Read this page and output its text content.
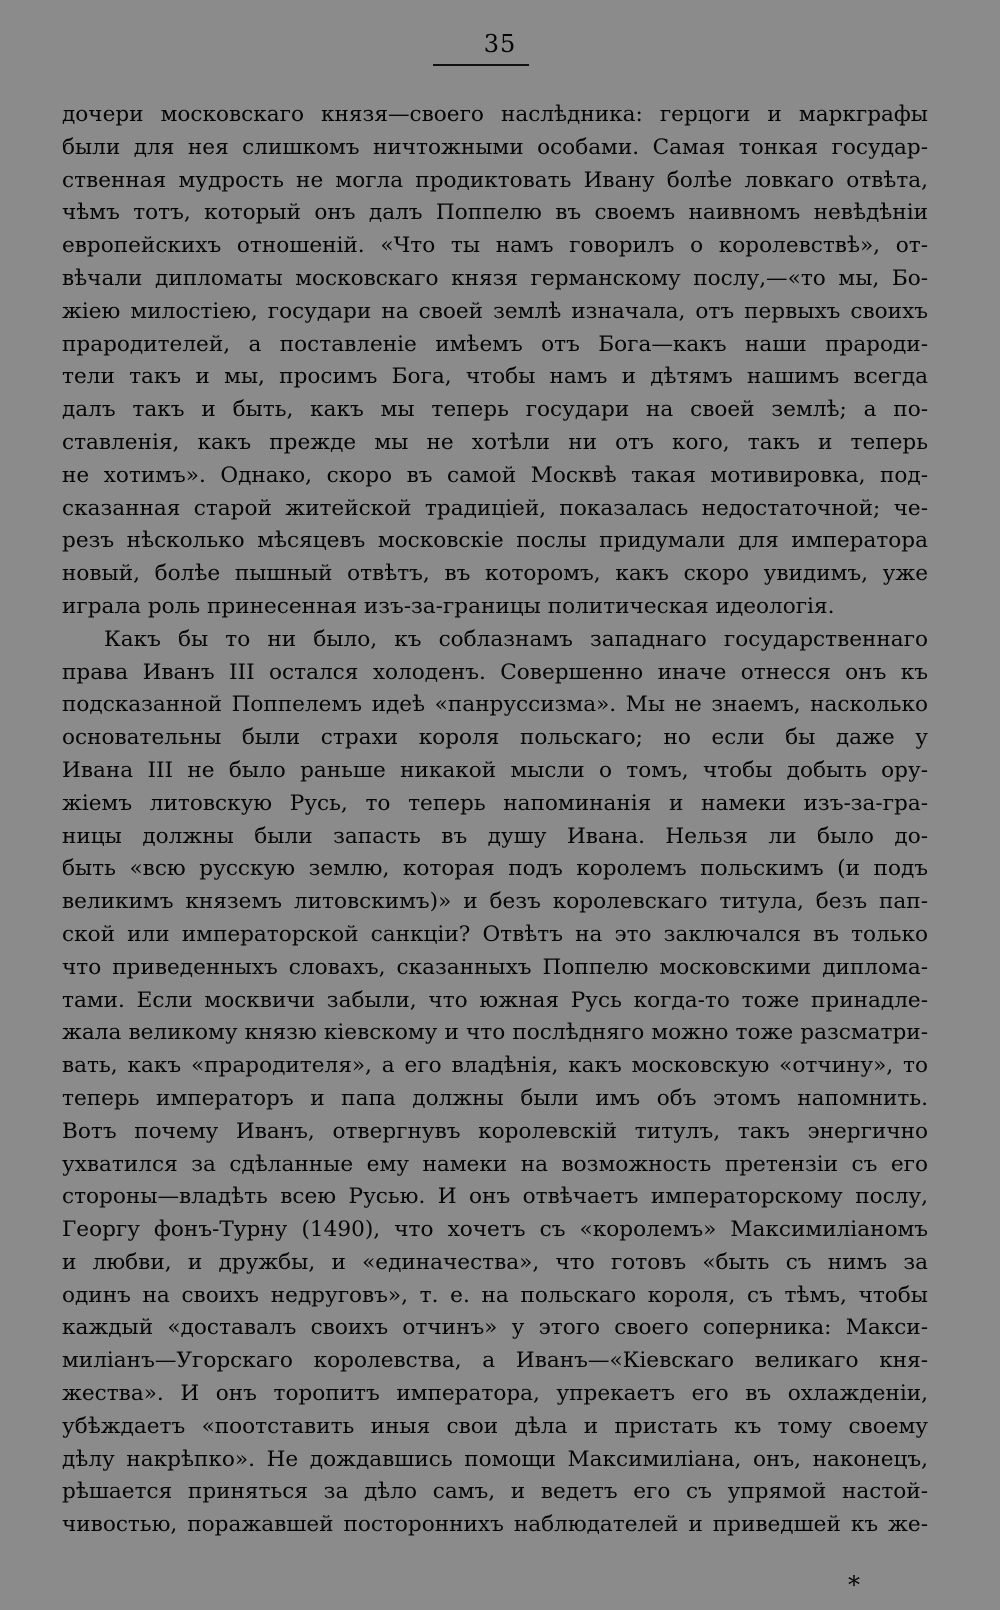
35
дочери московскаго князя—своего наслѣдника: герцоги и маркграфы
были для нея слишкомъ ничтожными особами. Самая тонкая государ-
ственная мудрость не могла продиктовать Ивану болѣе ловкаго отвѣта,
чѣмъ тотъ, который онъ далъ Поппелю въ своемъ наивномъ невѣдѣніи
европейскихъ отношеній. «Что ты намъ говорилъ о королевствѣ», от-
вѣчали дипломаты московскаго князя германскому послу,—«то мы, Бо-
жіею милостіею, государи на своей землѣ изначала, отъ первыхъ своихъ
прародителей, а поставленіе имѣемъ отъ Бога—какъ наши прароди-
тели такъ и мы, просимъ Бога, чтобы намъ и дѣтямъ нашимъ всегда
далъ такъ и быть, какъ мы теперь государи на своей землѣ; а по-
ставленія, какъ прежде мы не хотѣли ни отъ кого, такъ и теперь
не хотимъ». Однако, скоро въ самой Москвѣ такая мотивировка, под-
сказанная старой житейской традиціей, показалась недостаточной; че-
резъ нѣсколько мѣсяцевъ московскіе послы придумали для императора
новый, болѣе пышный отвѣтъ, въ которомъ, какъ скоро увидимъ, уже
играла роль принесенная изъ-за-границы политическая идеологія.
Какъ бы то ни было, къ соблазнамъ западнаго государственнаго
права Иванъ III остался холоденъ. Совершенно иначе отнесся онъ къ
подсказанной Поппелемъ идеѣ «панруссизма». Мы не знаемъ, насколько
основательны были страхи короля польскаго; но если бы даже у
Ивана III не было раньше никакой мысли о томъ, чтобы добыть ору-
жіемъ литовскую Русь, то теперь напоминанія и намеки изъ-за-гра-
ницы должны были запасть въ душу Ивана. Нельзя ли было до-
быть «всю русскую землю, которая подъ королемъ польскимъ (и подъ
великимъ княземъ литовскимъ)» и безъ королевскаго титула, безъ пап-
ской или императорской санкціи? Отвѣтъ на это заключался въ только
что приведенныхъ словахъ, сказанныхъ Поппелю московскими диплома-
тами. Если москвичи забыли, что южная Русь когда-то тоже принадле-
жала великому князю кіевскому и что послѣдняго можно тоже разсматри-
вать, какъ «прародителя», а его владѣнія, какъ московскую «отчину», то
теперь императоръ и папа должны были имъ объ этомъ напомнить.
Вотъ почему Иванъ, отвергнувъ королевскій титулъ, такъ энергично
ухватился за сдѣланные ему намеки на возможность претензіи съ его
стороны—владѣть всею Русью. И онъ отвѣчаетъ императорскому послу,
Георгу фонъ-Турну (1490), что хочетъ съ «королемъ» Максимиліаномъ
и любви, и дружбы, и «единачества», что готовъ «быть съ нимъ за
одинъ на своихъ недруговъ», т. е. на польскаго короля, съ тѣмъ, чтобы
каждый «доставалъ своихъ отчинъ» у этого своего соперника: Макси-
миліанъ—Угорскаго королевства, а Иванъ—«Кіевскаго великаго кня-
жества». И онъ торопитъ императора, упрекаетъ его въ охлажденіи,
убѣждаетъ «поотставить иныя свои дѣла и пристать къ тому своему
дѣлу накрѣпко». Не дождавшись помощи Максимиліана, онъ, наконецъ,
рѣшается приняться за дѣло самъ, и ведетъ его съ упрямой настой-
чивостью, поражавшей постороннихъ наблюдателей и приведшей къ же-
*
